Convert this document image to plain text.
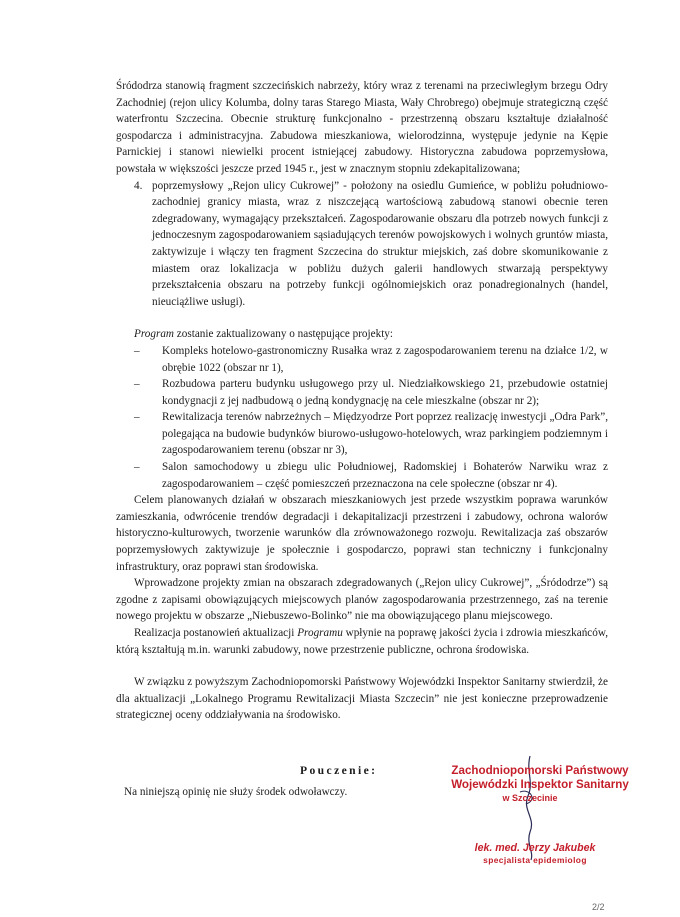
Śródodrza stanowią fragment szczecińskich nabrzeży, który wraz z terenami na przeciwległym brzegu Odry Zachodniej (rejon ulicy Kolumba, dolny taras Starego Miasta, Wały Chrobrego) obejmuje strategiczną część waterfrontu Szczecina. Obecnie strukturę funkcjonalno - przestrzenną obszaru kształtuje działalność gospodarcza i administracyjna. Zabudowa mieszkaniowa, wielorodzinna, występuje jedynie na Kępie Parnickiej i stanowi niewielki procent istniejącej zabudowy. Historyczna zabudowa poprzemysłowa, powstała w większości jeszcze przed 1945 r., jest w znacznym stopniu zdekapitalizowana;

4. poprzemysłowy „Rejon ulicy Cukrowej” - położony na osiedlu Gumieńce, w pobliżu południowo-zachodniej granicy miasta, wraz z niszczejącą wartościową zabudową stanowi obecnie teren zdegradowany, wymagający przekształceń. Zagospodarowanie obszaru dla potrzeb nowych funkcji z jednoczesnym zagospodarowaniem sąsiadujących terenów powojskowych i wolnych gruntów miasta, zaktywizuje i włączy ten fragment Szczecina do struktur miejskich, zaś dobre skomunikowanie z miastem oraz lokalizacja w pobliżu dużych galerii handlowych stwarzają perspektywy przekształcenia obszaru na potrzeby funkcji ogólnomiejskich oraz ponadregionalnych (handel, nieuciążliwe usługi).

Program zostanie zaktualizowany o następujące projekty:

–	Kompleks hotelowo-gastronomiczny Rusałka wraz z zagospodarowaniem terenu na działce 1/2, w obrębie 1022 (obszar nr 1),
–	Rozbudowa parteru budynku usługowego przy ul. Niedziałkowskiego 21, przebudowie ostatniej kondygnacji z jej nadbudową o jedną kondygnację na cele mieszkalne (obszar nr 2);
–	Rewitalizacja terenów nabrzeżnych – Międzyodrze Port poprzez realizację inwestycji „Odra Park”, polegająca na budowie budynków biurowo-usługowo-hotelowych, wraz parkingiem podziemnym i zagospodarowaniem terenu (obszar nr 3),
–	Salon samochodowy u zbiegu ulic Południowej, Radomskiej i Bohaterów Narwiku wraz z zagospodarowaniem – część pomieszczeń przeznaczona na cele społeczne (obszar nr 4).

Celem planowanych działań w obszarach mieszkaniowych jest przede wszystkim poprawa warunków zamieszkania, odwrócenie trendów degradacji i dekapitalizacji przestrzeni i zabudowy, ochrona walorów historyczno-kulturowych, tworzenie warunków dla zrównoważonego rozwoju. Rewitalizacja zaś obszarów poprzemysłowych zaktywizuje je społecznie i gospodarczo, poprawi stan techniczny i funkcjonalny infrastruktury, oraz poprawi stan środowiska.

Wprowadzone projekty zmian na obszarach zdegradowanych („Rejon ulicy Cukrowej”, „Śródodrze”) są zgodne z zapisami obowiązujących miejscowych planów zagospodarowania przestrzennego, zaś na terenie nowego projektu w obszarze „Niebuszewo-Bolinko” nie ma obowiązującego planu miejscowego.

Realizacja postanowień aktualizacji Programu wpłynie na poprawę jakości życia i zdrowia mieszkańców, którą kształtują m.in. warunki zabudowy, nowe przestrzenie publiczne, ochrona środowiska.

W związku z powyższym Zachodniopomorski Państwowy Wojewódzki Inspektor Sanitarny stwierdził, że dla aktualizacji „Lokalnego Programu Rewitalizacji Miasta Szczecin” nie jest konieczne przeprowadzenie strategicznej oceny oddziaływania na środowisko.

Pouczenie:
Na niniejszą opinię nie służy środek odwoławczy.
Zachodniopomorski Państwowy
Wojewódzki Inspektor Sanitarny
w Szczecinie
lek. med. Jerzy Jakubek
specjalista epidemiolog
2/2
